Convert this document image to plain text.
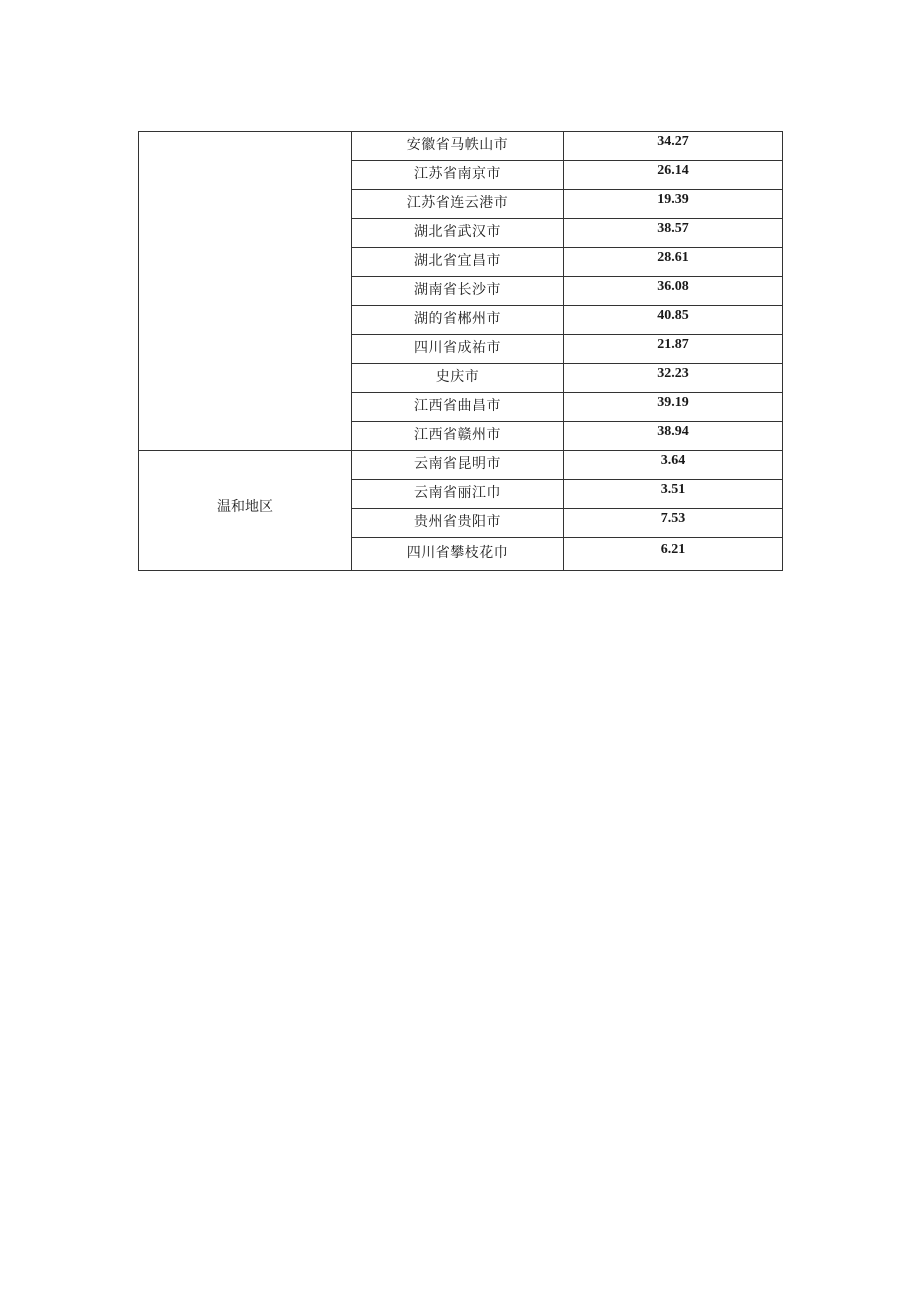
	安徽省马帙山市	34.27
	江苏省南京市	26.14
	江苏省连云港市	19.39
	湖北省武汉市	38.57
	湖北省宜昌市	28.61
	湖南省长沙市	36.08
	湖的省郴州市	40.85
	四川省成祐市	21.87
	史庆市	32.23
	江西省曲昌市	39.19
	江西省赣州市	38.94
温和地区	云南省昆明市	3.64
	云南省丽江巾	3.51
	贵州省贵阳市	7.53
	四川省攀枝花巾	6.21
